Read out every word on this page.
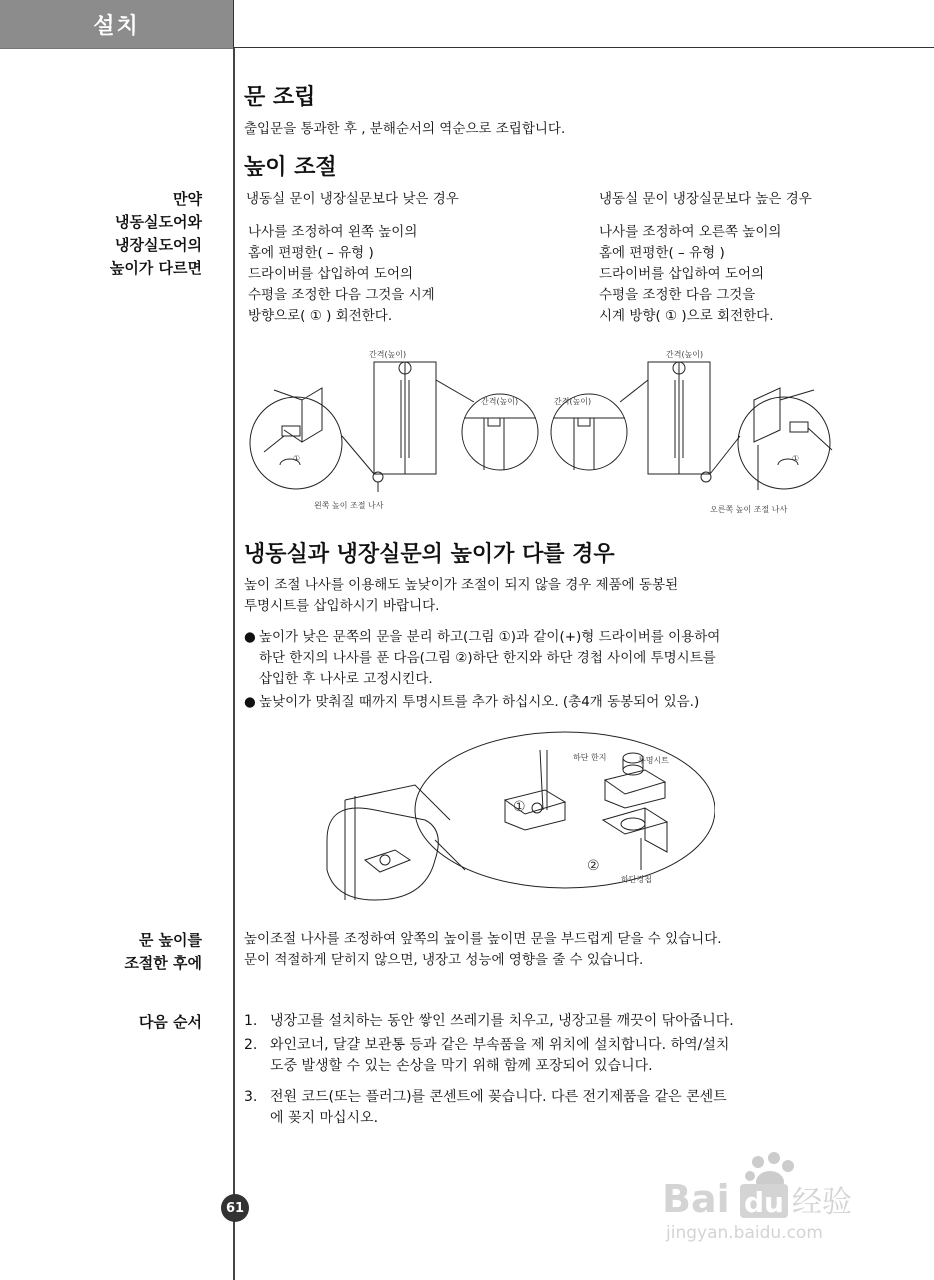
설치
만약
냉동실도어와
냉장실도어의
높이가 다르면
문 높이를
조절한 후에
다음 순서
문 조립
출입문을 통과한 후 , 분해순서의 역순으로 조립합니다.
높이 조절
냉동실 문이 냉장실문보다 낮은 경우
나사를 조정하여 왼쪽 높이의
홈에 편평한( – 유형 )
드라이버를 삽입하여 도어의
수평을 조정한 다음 그것을 시계
방향으로( ① ) 회전한다.
냉동실 문이 냉장실문보다 높은 경우
나사를 조정하여 오른쪽 높이의
홈에 편평한( – 유형 )
드라이버를 삽입하여 도어의
수평을 조정한 다음 그것을
시계 방향( ① )으로 회전한다.
간격(높이)
간격(높이)	간격(높이)
간격(높이)
①	①
왼쪽 높이 조절 나사	오른쪽 높이 조절 나사
냉동실과 냉장실문의 높이가 다를 경우
높이 조절 나사를 이용해도 높낮이가 조절이 되지 않을 경우 제품에 동봉된
투명시트를 삽입하시기 바랍니다.
● 높이가 낮은 문쪽의 문을 분리 하고(그림 ①)과 같이(+)형 드라이버를 이용하여
하단 한지의 나사를 푼 다음(그림 ②)하단 한지와 하단 경첩 사이에 투명시트를
삽입한 후 나사로 고정시킨다.
● 높낮이가 맞춰질 때까지 투명시트를 추가 하십시오. (총4개 동봉되어 있음.)
①
②
하단 한지	투명시트
하단경첩
높이조절 나사를 조정하여 앞쪽의 높이를 높이면 문을 부드럽게 닫을 수 있습니다.
문이 적절하게 닫히지 않으면, 냉장고 성능에 영향을 줄 수 있습니다.
1. 냉장고를 설치하는 동안 쌓인 쓰레기를 치우고, 냉장고를 깨끗이 닦아줍니다.
2. 와인코너, 달걀 보관통 등과 같은 부속품을 제 위치에 설치합니다. 하역/설치
도중 발생할 수 있는 손상을 막기 위해 함께 포장되어 있습니다.
3. 전원 코드(또는 플러그)를 콘센트에 꽂습니다. 다른 전기제품을 같은 콘센트
에 꽂지 마십시오.
61	Bai du 经验
jingyan.baidu.com
